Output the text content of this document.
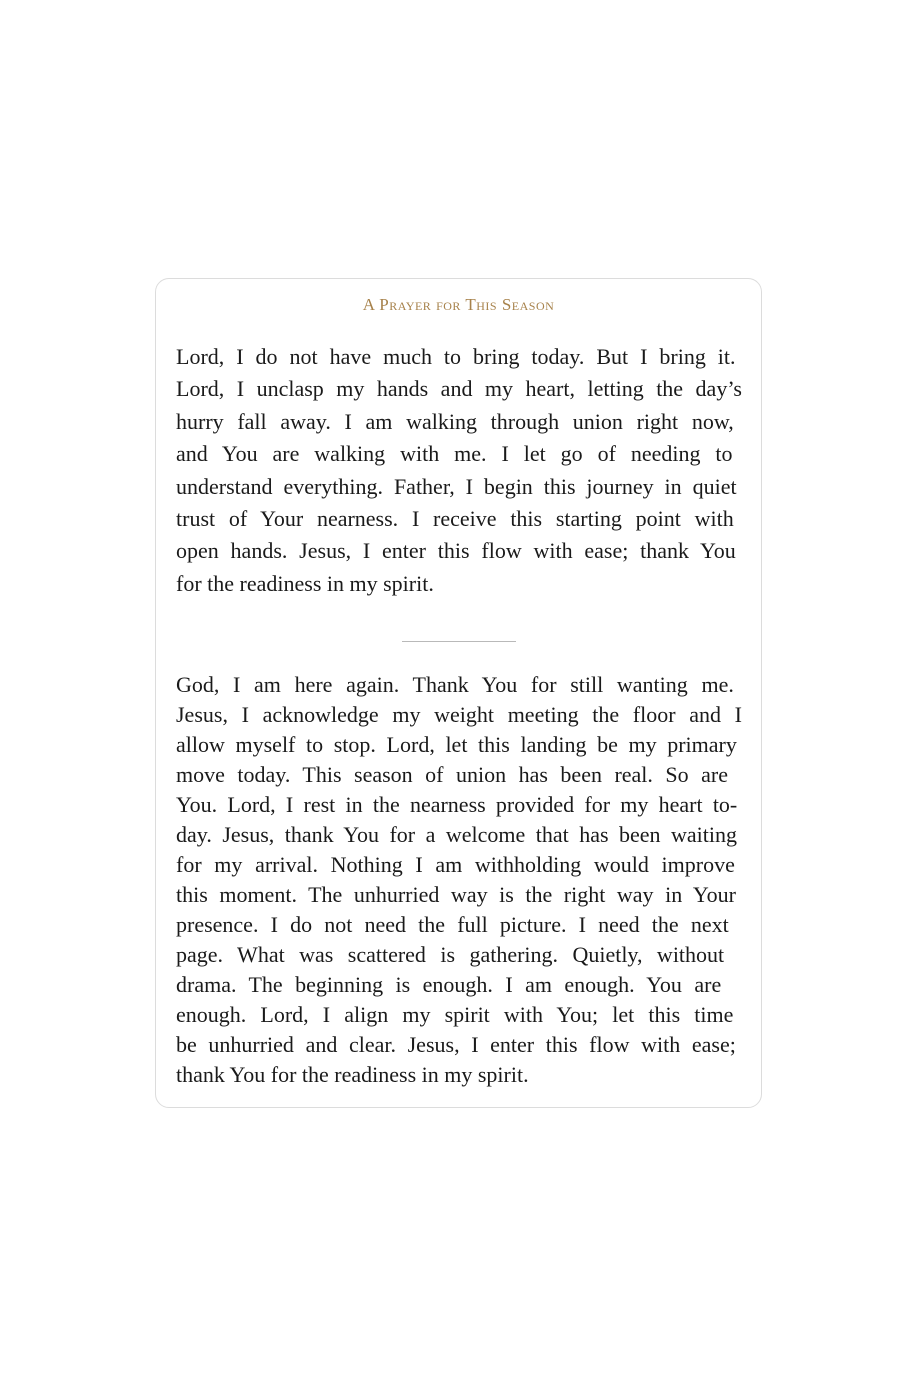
A Prayer for This Season
Lord, I do not have much to bring today. But I bring it.
Lord, I unclasp my hands and my heart, letting the day’s
hurry fall away. I am walking through union right now,
and You are walking with me. I let go of needing to
understand everything. Father, I begin this journey in quiet
trust of Your nearness. I receive this starting point with
open hands. Jesus, I enter this flow with ease; thank You
for the readiness in my spirit.
God, I am here again. Thank You for still wanting me.
Jesus, I acknowledge my weight meeting the floor and I
allow myself to stop. Lord, let this landing be my primary
move today. This season of union has been real. So are
You. Lord, I rest in the nearness provided for my heart to-
day. Jesus, thank You for a welcome that has been waiting
for my arrival. Nothing I am withholding would improve
this moment. The unhurried way is the right way in Your
presence. I do not need the full picture. I need the next
page. What was scattered is gathering. Quietly, without
drama. The beginning is enough. I am enough. You are
enough. Lord, I align my spirit with You; let this time
be unhurried and clear. Jesus, I enter this flow with ease;
thank You for the readiness in my spirit.
